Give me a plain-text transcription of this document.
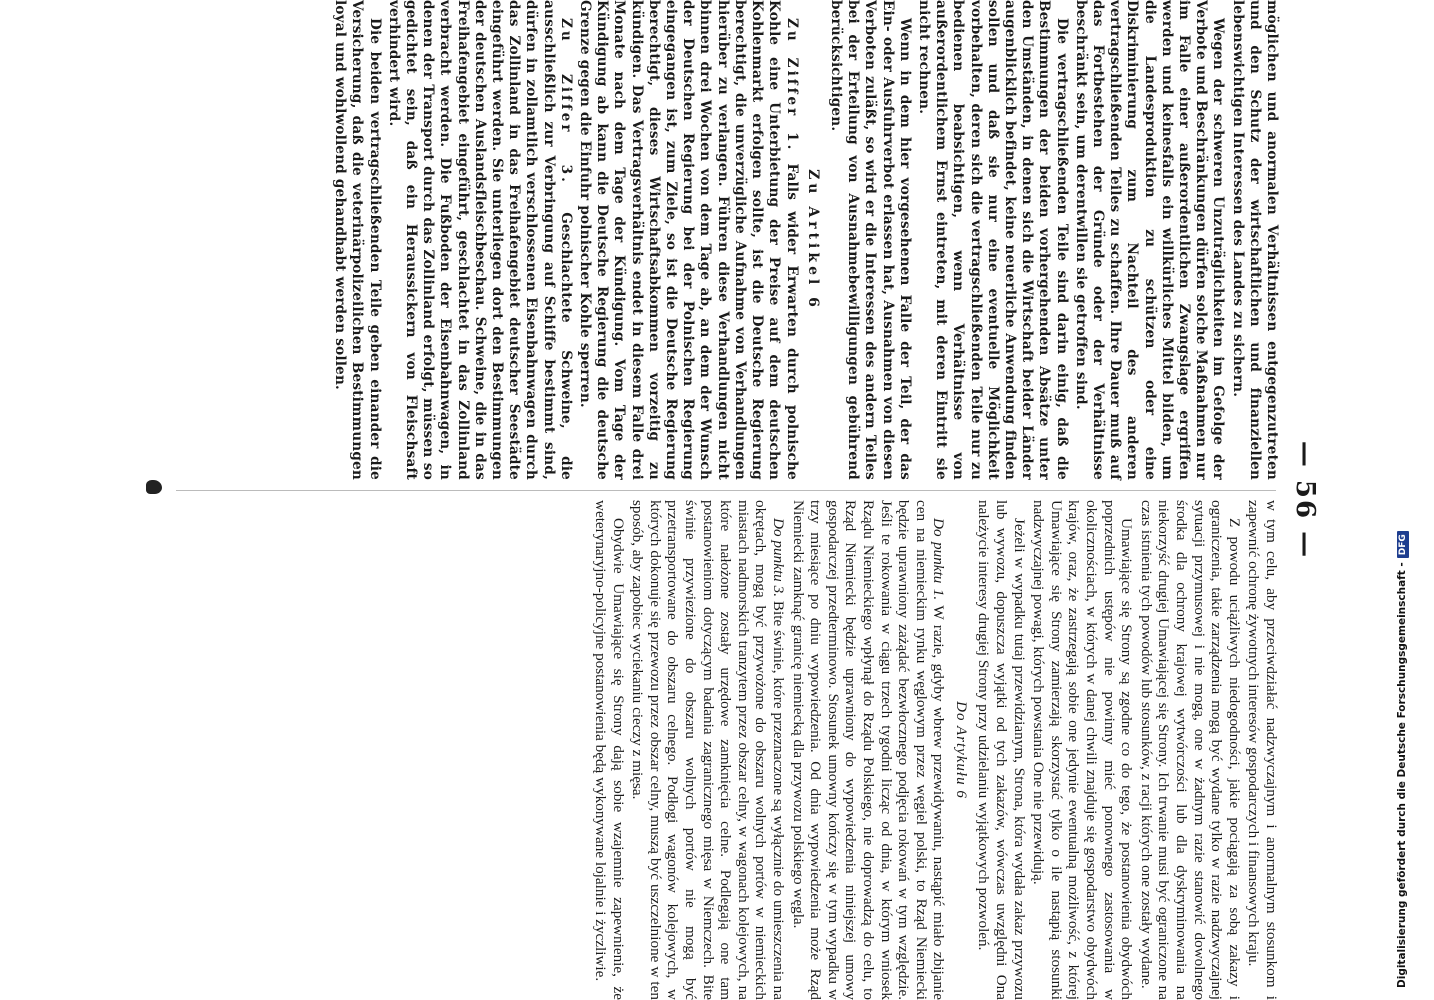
— 56 —

möglichen und anormalen Verhältnissen entgegenzutreten und den Schutz der wirtschaftlichen und finanziellen lebenswichtigen Interessen des Landes zu sichern.

Wegen der schweren Unzuträglichkeiten im Gefolge der Verbote und Beschränkungen dürfen solche Maßnahmen nur im Falle einer außerordentlichen Zwangslage ergriffen werden und keinesfalls ein willkürliches Mittel bilden, um die Landesproduktion zu schützen oder eine Diskriminierung zum Nachteil des anderen vertragschließenden Teiles zu schaffen. Ihre Dauer muß auf das Fortbestehen der Gründe oder der Verhältnisse beschränkt sein, um derentwillen sie getroffen sind.

Die vertragschließenden Teile sind darin einig, daß die Bestimmungen der beiden vorhergehenden Absätze unter den Umständen, in denen sich die Wirtschaft beider Länder augenblicklich befindet, keine neuerliche Anwendung finden sollen und daß sie nur eine eventuelle Möglichkeit vorbehalten, deren sich die vertragschließenden Teile nur zu bedienen beabsichtigen, wenn Verhältnisse von außerordentlichem Ernst eintreten, mit deren Eintritt sie nicht rechnen.

Wenn in dem hier vorgesehenen Falle der Teil, der das Ein- oder Ausfuhrverbot erlassen hat, Ausnahmen von diesen Verboten zuläßt, so wird er die Interessen des andern Teiles bei der Erteilung von Ausnahmebewilligungen gebührend berücksichtigen.

Zu Artikel 6

Zu Ziffer 1. Falls wider Erwarten durch polnische Kohle eine Unterbietung der Preise auf dem deutschen Kohlenmarkt erfolgen sollte, ist die Deutsche Regierung berechtigt, die unverzügliche Aufnahme von Verhandlungen hierüber zu verlangen. Führen diese Verhandlungen nicht binnen drei Wochen von dem Tage ab, an dem der Wunsch der Deutschen Regierung bei der Polnischen Regierung eingegangen ist, zum Ziele, so ist die Deutsche Regierung berechtigt, dieses Wirtschaftsabkommen vorzeitig zu kündigen. Das Vertragsverhältnis endet in diesem Falle drei Monate nach dem Tage der Kündigung. Vom Tage der Kündigung ab kann die Deutsche Regierung die deutsche Grenze gegen die Einfuhr polnischer Kohle sperren.

Zu Ziffer 3. Geschlachtete Schweine, die ausschließlich zur Verbringung auf Schiffe bestimmt sind, dürfen in zollamtlich verschlossenen Eisenbahnwagen durch das Zollinland in das Freihafengebiet deutscher Seestädte eingeführt werden. Sie unterliegen dort den Bestimmungen der deutschen Auslandsfleischbeschau. Schweine, die in das Freihafengebiet eingeführt, geschlachtet in das Zollinland verbracht werden. Die Fußboden der Eisenbahnwagen, in denen der Transport durch das Zollinland erfolgt, müssen so gedichtet sein, daß ein Heraussickern von Fleischsaft verhindert wird.

Die beiden vertragschließenden Teile geben einander die Versicherung, daß die veterinärpolizeilichen Bestimmungen loyal und wohlwollend gehandhabt werden sollen.

w tym celu, aby przeciwdziałać nadzwyczajnym i anormalnym stosunkom i zapewnić ochronę żywotnych interesów gospodarczych i finansowych kraju.

Z powodu uciążliwych niedogodności, jakie pociągają za sobą zakazy i ograniczenia, takie zarządzenia mogą być wydane tylko w razie nadzwyczajnej sytuacji przymusowej i nie mogą, one w żadnym razie stanowić dowolnego środka dla ochrony krajowej wytwórczości lub dla dyskryminowania na niekorzyść drugiej Umawiającej się Strony. Ich trwanie musi być ograniczone na czas istnienia tych powodów lub stosunków, z racji których one zostały wydane.

Umawiające się Strony są zgodne co do tego, że postanowienia obydwóch poprzednich ustępów nie powinny mieć ponownego zastosowania w okolicznościach, w których w danej chwili znajduje się gospodarstwo obydwóch krajów, oraz, że zastrzegają sobie one jedynie ewentualną możliwość, z której Umawiające się Strony zamierzają skorzystać tylko o ile nastąpią stosunki nadzwyczajnej powagi, których powstania One nie przewidują.

Jeżeli w wypadku tutaj przewidzianym, Strona, która wydała zakaz przywozu lub wywozu, dopuszcza wyjątki od tych zakazów, wówczas uwzględni Ona należycie interesy drugiej Strony przy udzielaniu wyjątkowych pozwoleń.

Do Artykułu 6

Do punktu 1. W razie, gdyby wbrew przewidywaniu, nastąpić miało zbijanie cen na niemieckim rynku węglowym przez węgiel polski, to Rząd Niemiecki będzie uprawniony zażądać bezwłocznego podjęcia rokowań w tym względzie. Jeśli te rokowania w ciągu trzech tygodni licząc od dnia, w którym wniosek Rządu Niemieckiego wpłynął do Rządu Polskiego, nie doprowadzą do celu, to Rząd Niemiecki będzie uprawniony do wypowiedzenia niniejszej umowy gospodarczej przedterminowo. Stosunek umowny kończy się w tym wypadku w trzy miesiące po dniu wypowiedzenia. Od dnia wypowiedzenia może Rząd Niemiecki zamknąć granicę niemiecką dla przywozu polskiego węgla.

Do punktu 3. Bite świnie, które przeznaczone są wyłącznie do umieszczenia na okrętach, mogą być przywożone do obszaru wolnych portów w niemieckich miastach nadmorskich tranzytem przez obszar celny, w wagonach kolejowych, na które nałożone zostały urzędowe zamknięcia celne. Podlegają one tam postanowieniom dotyczącym badania zagranicznego mięsa w Niemczech. Bite świnie przywiezione do obszaru wolnych portów nie mogą być przetransportowane do obszaru celnego. Podłogi wagonów kolejowych, w których dokonuje się przewozu przez obszar celny, muszą być uszczelnione w ten sposób, aby zapobiec wyciekaniu cieczy z mięsa.

Obydwie Umawiające się Strony dają sobie wzajemnie zapewnienie, że weterynaryjno-policyjne postanowienia będą wykonywane lojalnie i życzliwie.	Digitalisierung gefördert durch die Deutsche Forschungsgemeinschaft -DFG
